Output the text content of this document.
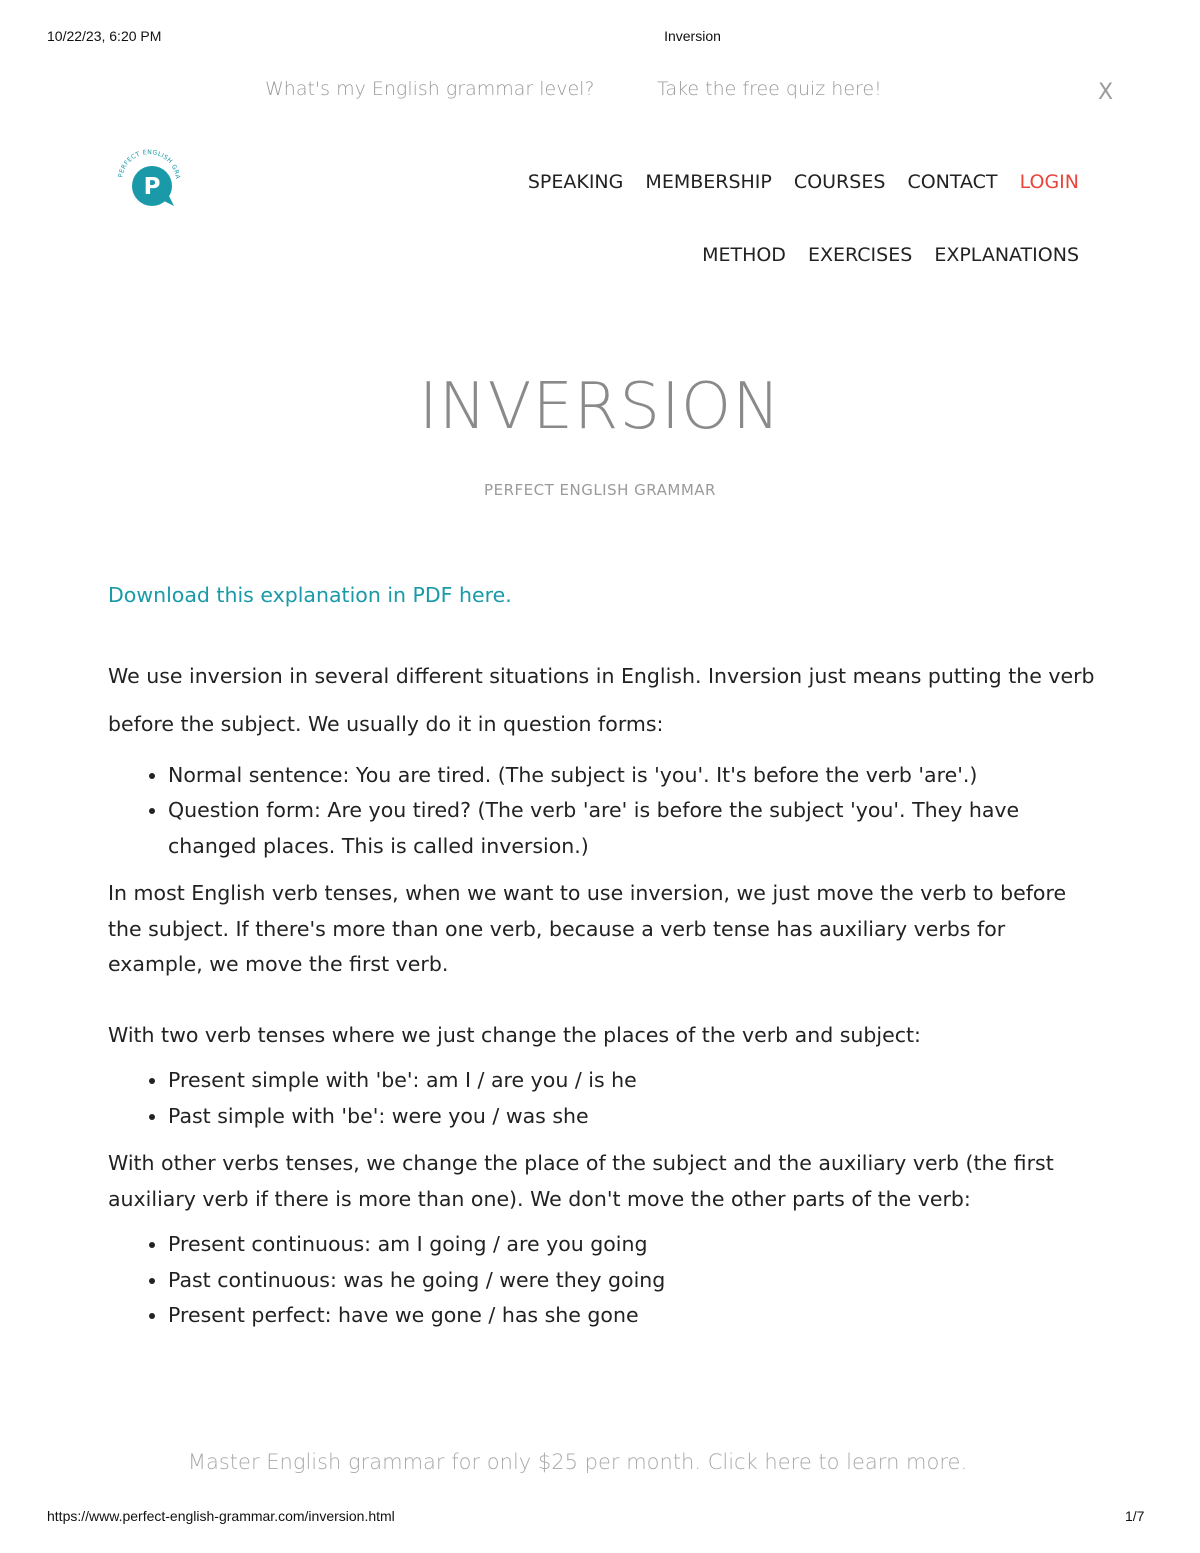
10/22/23, 6:20 PM	Inversion
What's my English grammar level?	Take the free quiz here!	X
PERFECT ENGLISH GRA
P	SPEAKING MEMBERSHIP COURSES CONTACT LOGIN
METHOD EXERCISES EXPLANATIONS
INVERSION
PERFECT ENGLISH GRAMMAR

Download this explanation in PDF here.

We use inversion in several different situations in English. Inversion just means putting the verb before the subject. We usually do it in question forms:

• Normal sentence: You are tired. (The subject is 'you'. It's before the verb 'are'.)
• Question form: Are you tired? (The verb 'are' is before the subject 'you'. They have changed places. This is called inversion.)

In most English verb tenses, when we want to use inversion, we just move the verb to before the subject. If there's more than one verb, because a verb tense has auxiliary verbs for example, we move the first verb.

With two verb tenses where we just change the places of the verb and subject:

• Present simple with 'be': am I / are you / is he
• Past simple with 'be': were you / was she

With other verbs tenses, we change the place of the subject and the auxiliary verb (the first auxiliary verb if there is more than one). We don't move the other parts of the verb:

• Present continuous: am I going / are you going
• Past continuous: was he going / were they going
• Present perfect: have we gone / has she gone
Master English grammar for only $25 per month. Click here to learn more.
https://www.perfect-english-grammar.com/inversion.html	1/7
